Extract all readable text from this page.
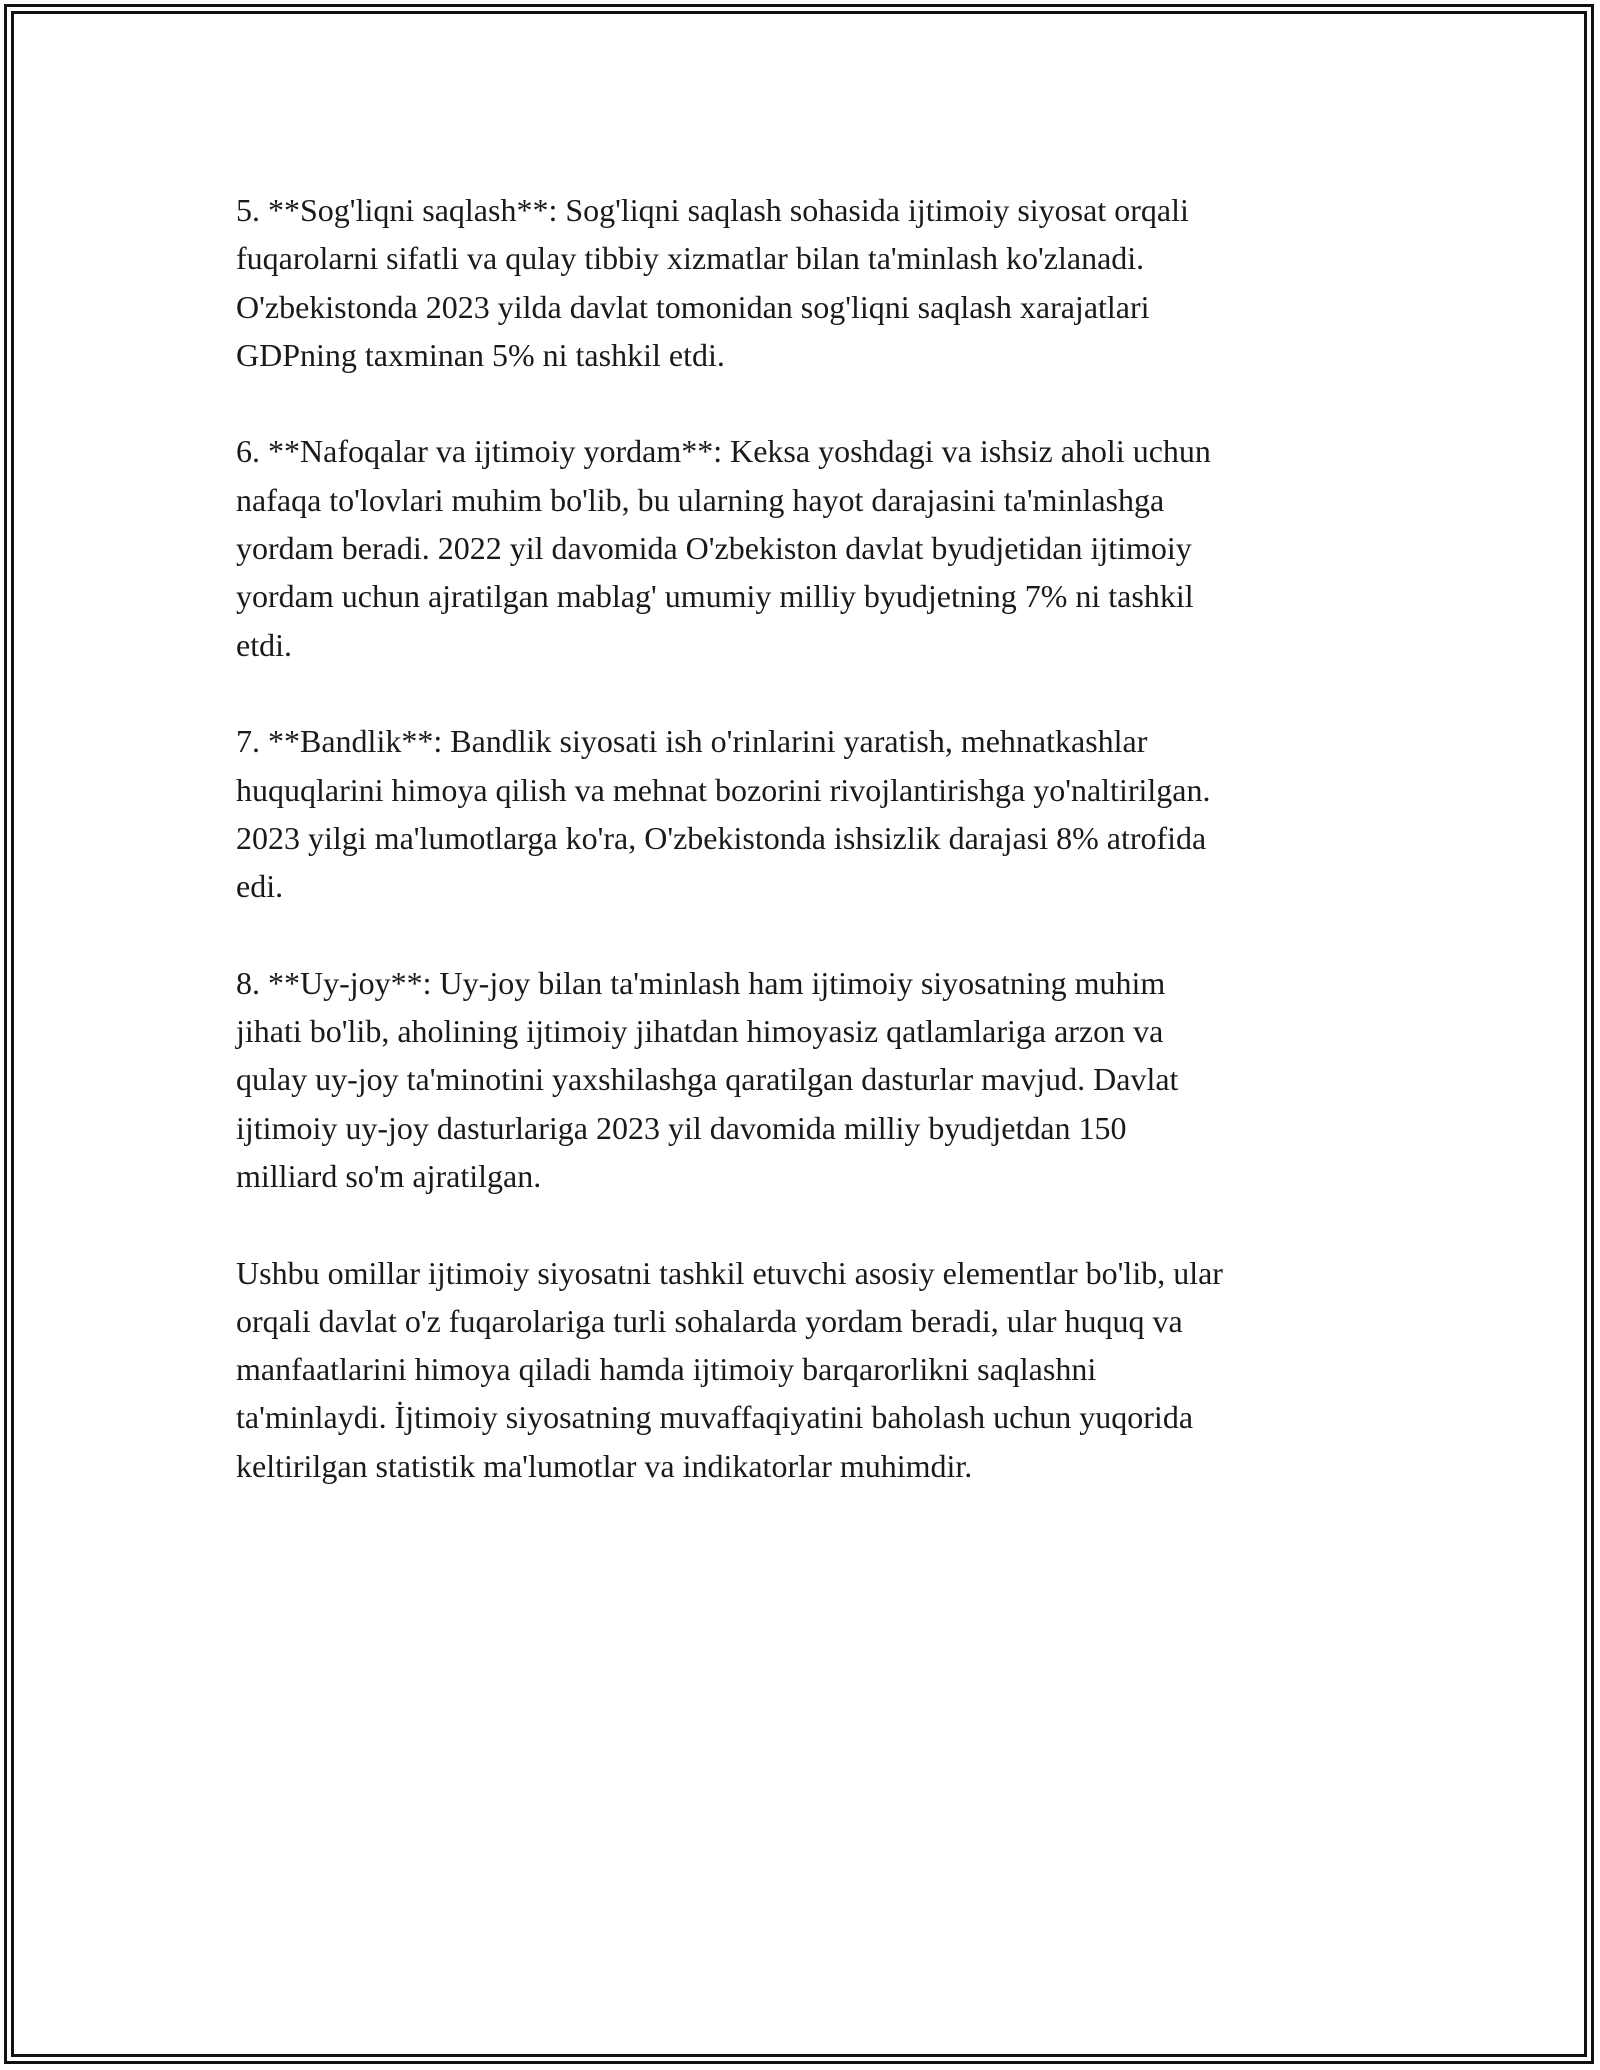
5. **Sog'liqni saqlash**: Sog'liqni saqlash sohasida ijtimoiy siyosat orqali
fuqarolarni sifatli va qulay tibbiy xizmatlar bilan ta'minlash ko'zlanadi.
O'zbekistonda 2023 yilda davlat tomonidan sog'liqni saqlash xarajatlari
GDPning taxminan 5% ni tashkil etdi.

6. **Nafoqalar va ijtimoiy yordam**: Keksa yoshdagi va ishsiz aholi uchun
nafaqa to'lovlari muhim bo'lib, bu ularning hayot darajasini ta'minlashga
yordam beradi. 2022 yil davomida O'zbekiston davlat byudjetidan ijtimoiy
yordam uchun ajratilgan mablag' umumiy milliy byudjetning 7% ni tashkil
etdi.

7. **Bandlik**: Bandlik siyosati ish o'rinlarini yaratish, mehnatkashlar
huquqlarini himoya qilish va mehnat bozorini rivojlantirishga yo'naltirilgan.
2023 yilgi ma'lumotlarga ko'ra, O'zbekistonda ishsizlik darajasi 8% atrofida
edi.

8. **Uy-joy**: Uy-joy bilan ta'minlash ham ijtimoiy siyosatning muhim
jihati bo'lib, aholining ijtimoiy jihatdan himoyasiz qatlamlariga arzon va
qulay uy-joy ta'minotini yaxshilashga qaratilgan dasturlar mavjud. Davlat
ijtimoiy uy-joy dasturlariga 2023 yil davomida milliy byudjetdan 150
milliard so'm ajratilgan.

Ushbu omillar ijtimoiy siyosatni tashkil etuvchi asosiy elementlar bo'lib, ular
orqali davlat o'z fuqarolariga turli sohalarda yordam beradi, ular huquq va
manfaatlarini himoya qiladi hamda ijtimoiy barqarorlikni saqlashni
ta'minlaydi. İjtimoiy siyosatning muvaffaqiyatini baholash uchun yuqorida
keltirilgan statistik ma'lumotlar va indikatorlar muhimdir.
